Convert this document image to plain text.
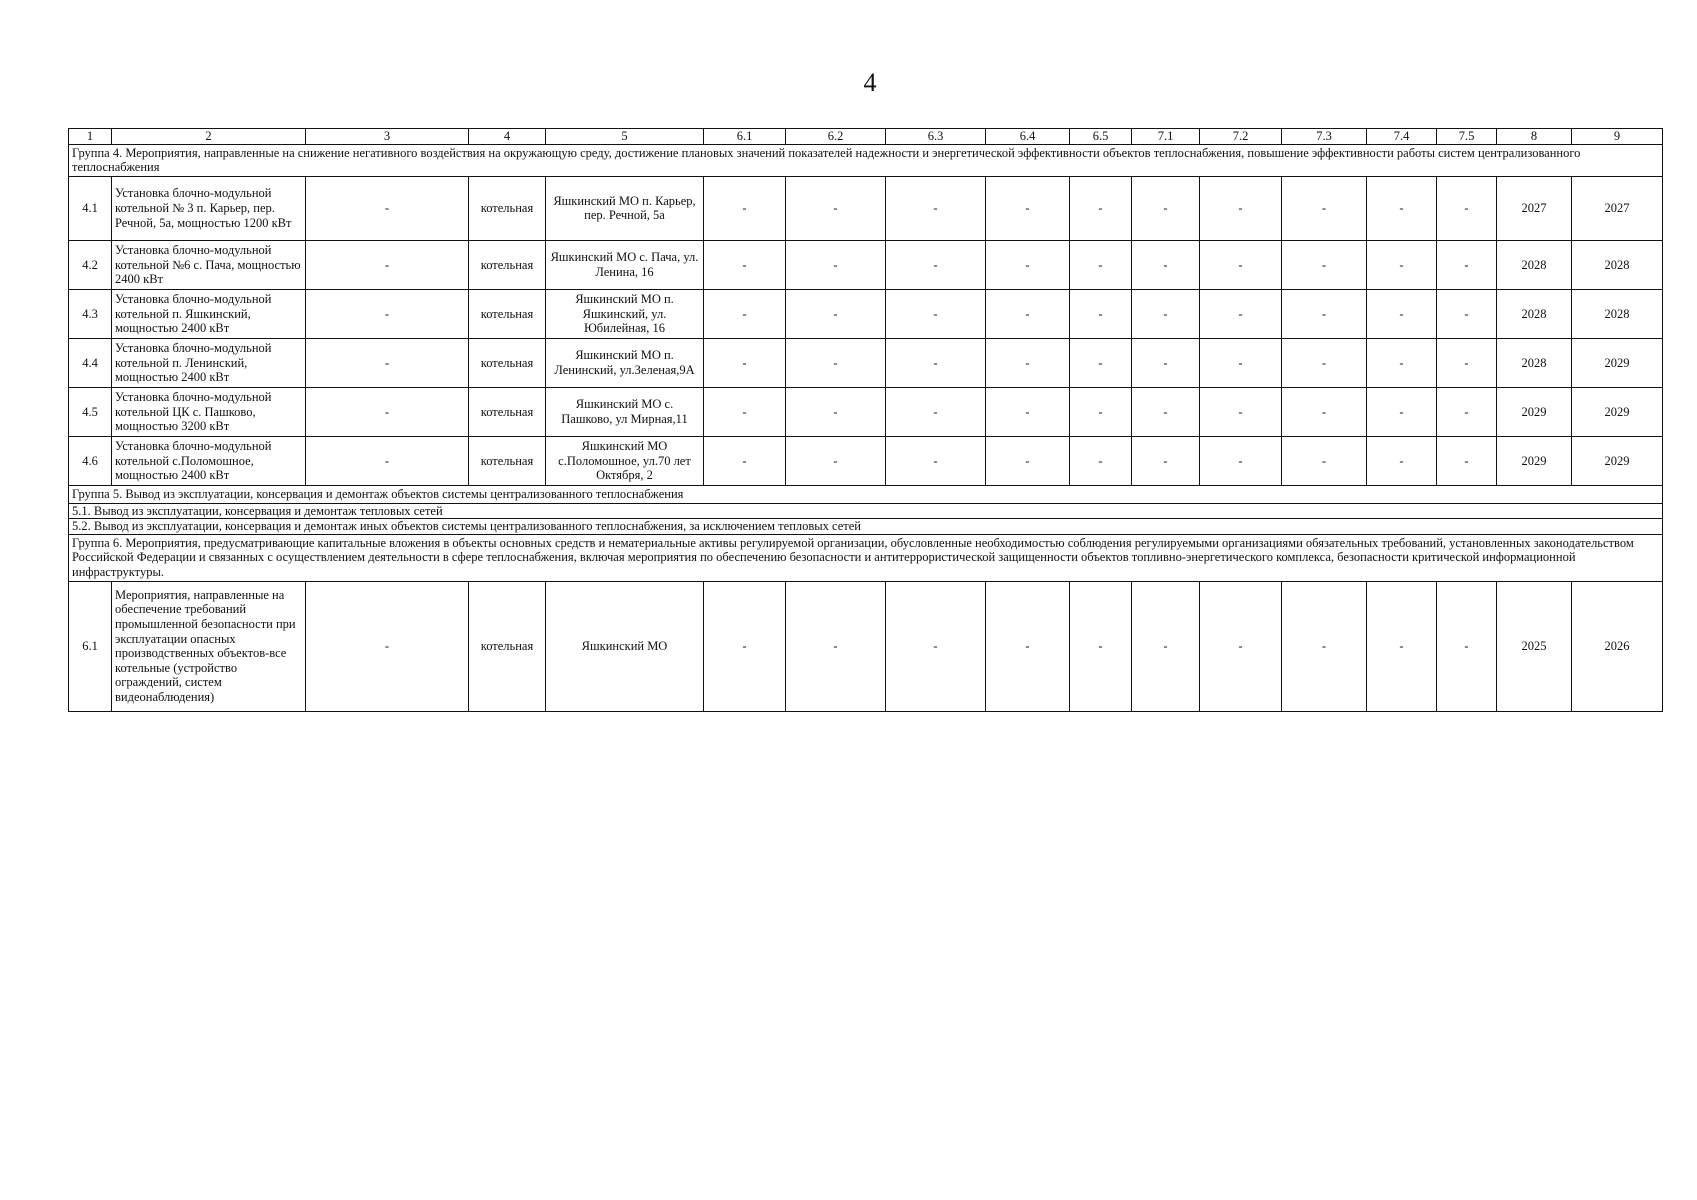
4
1	2	3	4	5	6.1	6.2	6.3	6.4	6.5	7.1	7.2	7.3	7.4	7.5	8	9
Группа 4. Мероприятия, направленные на снижение негативного воздействия на окружающую среду, достижение плановых значений показателей надежности и энергетической эффективности объектов теплоснабжения, повышение эффективности работы систем централизованного теплоснабжения																
4.1	Установка блочно-модульной котельной № 3 п. Карьер, пер. Речной, 5а, мощностью 1200 кВт	-	котельная	Яшкинский МО п. Карьер, пер. Речной, 5а	-	-	-	-	-	-	-	-	-	-	2027	2027
4.2	Установка блочно-модульной котельной №6 с. Пача, мощностью 2400 кВт	-	котельная	Яшкинский МО с. Пача, ул. Ленина, 16	-	-	-	-	-	-	-	-	-	-	2028	2028
4.3	Установка блочно-модульной котельной п. Яшкинский, мощностью 2400 кВт	-	котельная	Яшкинский МО п. Яшкинский, ул. Юбилейная, 16	-	-	-	-	-	-	-	-	-	-	2028	2028
4.4	Установка блочно-модульной котельной п. Ленинский, мощностью 2400 кВт	-	котельная	Яшкинский МО п. Ленинский, ул.Зеленая,9А	-	-	-	-	-	-	-	-	-	-	2028	2029
4.5	Установка блочно-модульной котельной ЦК с. Пашково, мощностью 3200 кВт	-	котельная	Яшкинский МО с. Пашково, ул Мирная,11	-	-	-	-	-	-	-	-	-	-	2029	2029
4.6	Установка блочно-модульной котельной с.Поломошное, мощностью 2400 кВт	-	котельная	Яшкинский МО с.Поломошное, ул.70 лет Октября, 2	-	-	-	-	-	-	-	-	-	-	2029	2029
Группа 5. Вывод из эксплуатации, консервация и демонтаж объектов системы централизованного теплоснабжения																
5.1. Вывод из эксплуатации, консервация и демонтаж тепловых сетей																
5.2. Вывод из эксплуатации, консервация и демонтаж иных объектов системы централизованного теплоснабжения, за исключением тепловых сетей																
Группа 6. Мероприятия, предусматривающие капитальные вложения в объекты основных средств и нематериальные активы регулируемой организации, обусловленные необходимостью соблюдения регулируемыми организациями обязательных требований, установленных законодательством Российской Федерации и связанных с осуществлением деятельности в сфере теплоснабжения, включая мероприятия по обеспечению безопасности и антитеррористической защищенности объектов топливно-энергетического комплекса, безопасности критической информационной инфраструктуры.																
6.1	Мероприятия, направленные на обеспечение требований промышленной безопасности при эксплуатации опасных производственных объектов-все котельные (устройство ограждений, систем видеонаблюдения)	-	котельная	Яшкинский МО	-	-	-	-	-	-	-	-	-	-	2025	2026
